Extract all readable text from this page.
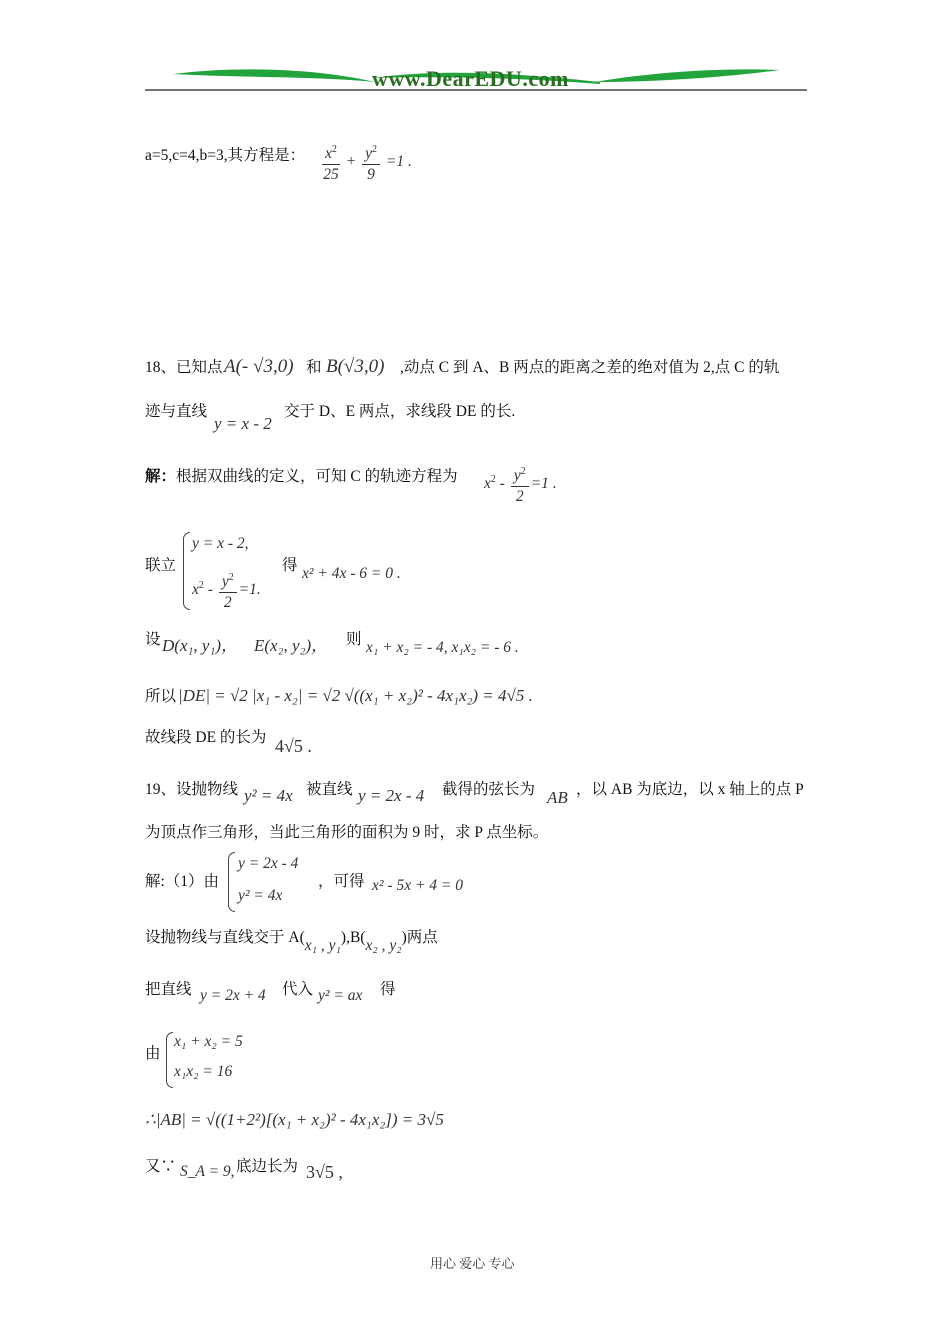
www.DearEDU.com
a=5,c=4,b=3,其方程是： $\frac{x^2}{25} + \frac{y^2}{9} =1$ .
18、已知点 A(- √3,0) 和 B(√3,0) ,动点 C 到 A、B 两点的距离之差的绝对值为 2,点 C 的轨
迹与直线
y = x - 2
交于 D、E 两点，求线段 DE 的长.
解：根据双曲线的定义，可知 C 的轨迹方程为 $x^2 - \frac{y^2}{2} =1$ .
联立
y = x - 2,
$x^2 - \frac{y^2}{2} =1$.
得 x² + 4x - 6 = 0 .
设 D(x₁, y₁)， E(x₂, y₂)， 则 x₁ + x₂ = - 4, x₁x₂ = - 6 .
所以 |DE| = √2 |x₁ - x₂| = √2 √((x₁ + x₂)² - 4x₁x₂) = 4√5 .
故线段 DE 的长为 4√5 .
19、设抛物线 y² = 4x 被直线 y = 2x - 4 截得的弦长为 AB ，以 AB 为底边，以 x 轴上的点 P
为顶点作三角形，当此三角形的面积为 9 时，求 P 点坐标。
解:（1）由
y = 2x - 4
y² = 4x
，可得 x² - 5x + 4 = 0
设抛物线与直线交于 A(x₁ , y₁),B(x₂ , y₂)两点
把直线 y = 2x + 4 代入 y² = ax 得
由
x₁ + x₂ = 5
x₁x₂ = 16
∴|AB| = √((1+2²)[(x₁ + x₂)² - 4x₁x₂]) = 3√5
又∵ S_A = 9, 底边长为 3√5 ,
用心 爱心 专心
